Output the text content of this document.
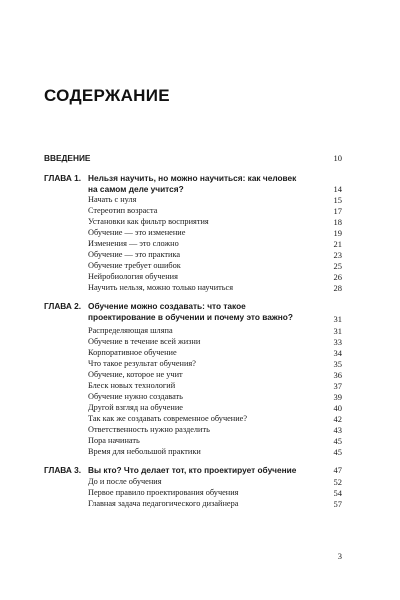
СОДЕРЖАНИЕ
ВВЕДЕНИЕ	10
ГЛАВА 1. Нельзя научить, но можно научиться: как человек на самом деле учится?	14
Начать с нуля	15
Стереотип возраста	17
Установки как фильтр восприятия	18
Обучение — это изменение	19
Изменения — это сложно	21
Обучение — это практика	23
Обучение требует ошибок	25
Нейробиология обучения	26
Научить нельзя, можно только научиться	28
ГЛАВА 2. Обучение можно создавать: что такое проектирование в обучении и почему это важно?	31
Распределяющая шляпа	31
Обучение в течение всей жизни	33
Корпоративное обучение	34
Что такое результат обучения?	35
Обучение, которое не учит	36
Блеск новых технологий	37
Обучение нужно создавать	39
Другой взгляд на обучение	40
Так как же создавать современное обучение?	42
Ответственность нужно разделить	43
Пора начинать	45
Время для небольшой практики	45
ГЛАВА 3. Вы кто? Что делает тот, кто проектирует обучение	47
До и после обучения	52
Первое правило проектирования обучения	54
Главная задача педагогического дизайнера	57
3
